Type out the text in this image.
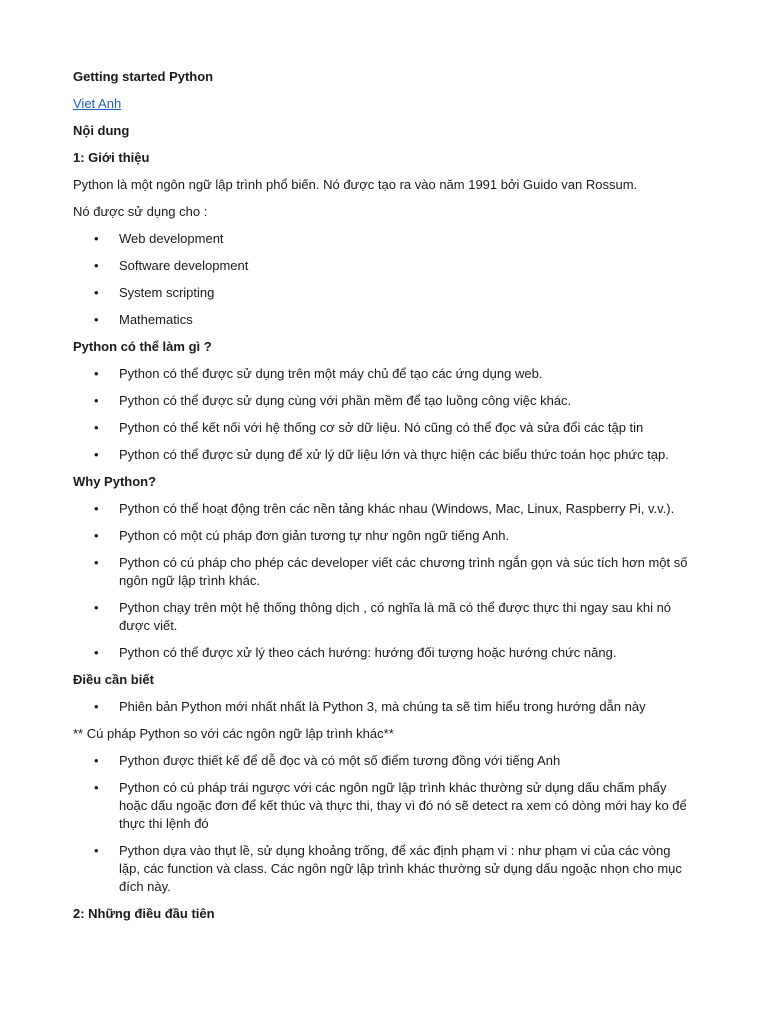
Getting started Python

Viet Anh

Nội dung

1: Giới thiệu

Python là một ngôn ngữ lập trình phổ biến. Nó được tạo ra vào năm 1991 bởi Guido van Rossum.

Nó được sử dụng cho :

• Web development
• Software development
• System scripting
• Mathematics

Python có thể làm gì ?

• Python có thể được sử dụng trên một máy chủ để tạo các ứng dụng web.
• Python có thể được sử dụng cùng với phần mềm để tạo luồng công việc khác.
• Python có thể kết nối với hệ thống cơ sở dữ liệu. Nó cũng có thể đọc và sửa đổi các tập tin
• Python có thể được sử dụng để xử lý dữ liệu lớn và thực hiện các biểu thức toán học phức tạp.

Why Python?

• Python có thể hoạt động trên các nền tảng khác nhau (Windows, Mac, Linux, Raspberry Pi, v.v.).
• Python có một cú pháp đơn giản tương tự như ngôn ngữ tiếng Anh.
• Python có cú pháp cho phép các developer viết các chương trình ngắn gọn và súc tích hơn một số ngôn ngữ lập trình khác.
• Python chạy trên một hệ thống thông dịch , có nghĩa là mã có thể được thực thi ngay sau khi nó được viết.
• Python có thể được xử lý theo cách hướng: hướng đối tượng hoặc hướng chức năng.

Điều cần biết

• Phiên bản Python mới nhất nhất là Python 3, mà chúng ta sẽ tìm hiểu trong hướng dẫn này

** Cú pháp Python so với các ngôn ngữ lập trình khác**

• Python được thiết kế để dễ đọc và có một số điểm tương đồng với tiếng Anh
• Python có cú pháp trái ngược với các ngôn ngữ lập trình khác thường sử dụng dấu chấm phẩy hoặc dấu ngoặc đơn để kết thúc và thực thi, thay vì đó nó sẽ detect ra xem có dòng mới hay ko để thực thi lệnh đó
• Python dựa vào thụt lề, sử dụng khoảng trống, để xác định phạm vi : như phạm vi của các vòng lặp, các function và class. Các ngôn ngữ lập trình khác thường sử dụng dấu ngoặc nhọn cho mục đích này.

2: Những điều đầu tiên
